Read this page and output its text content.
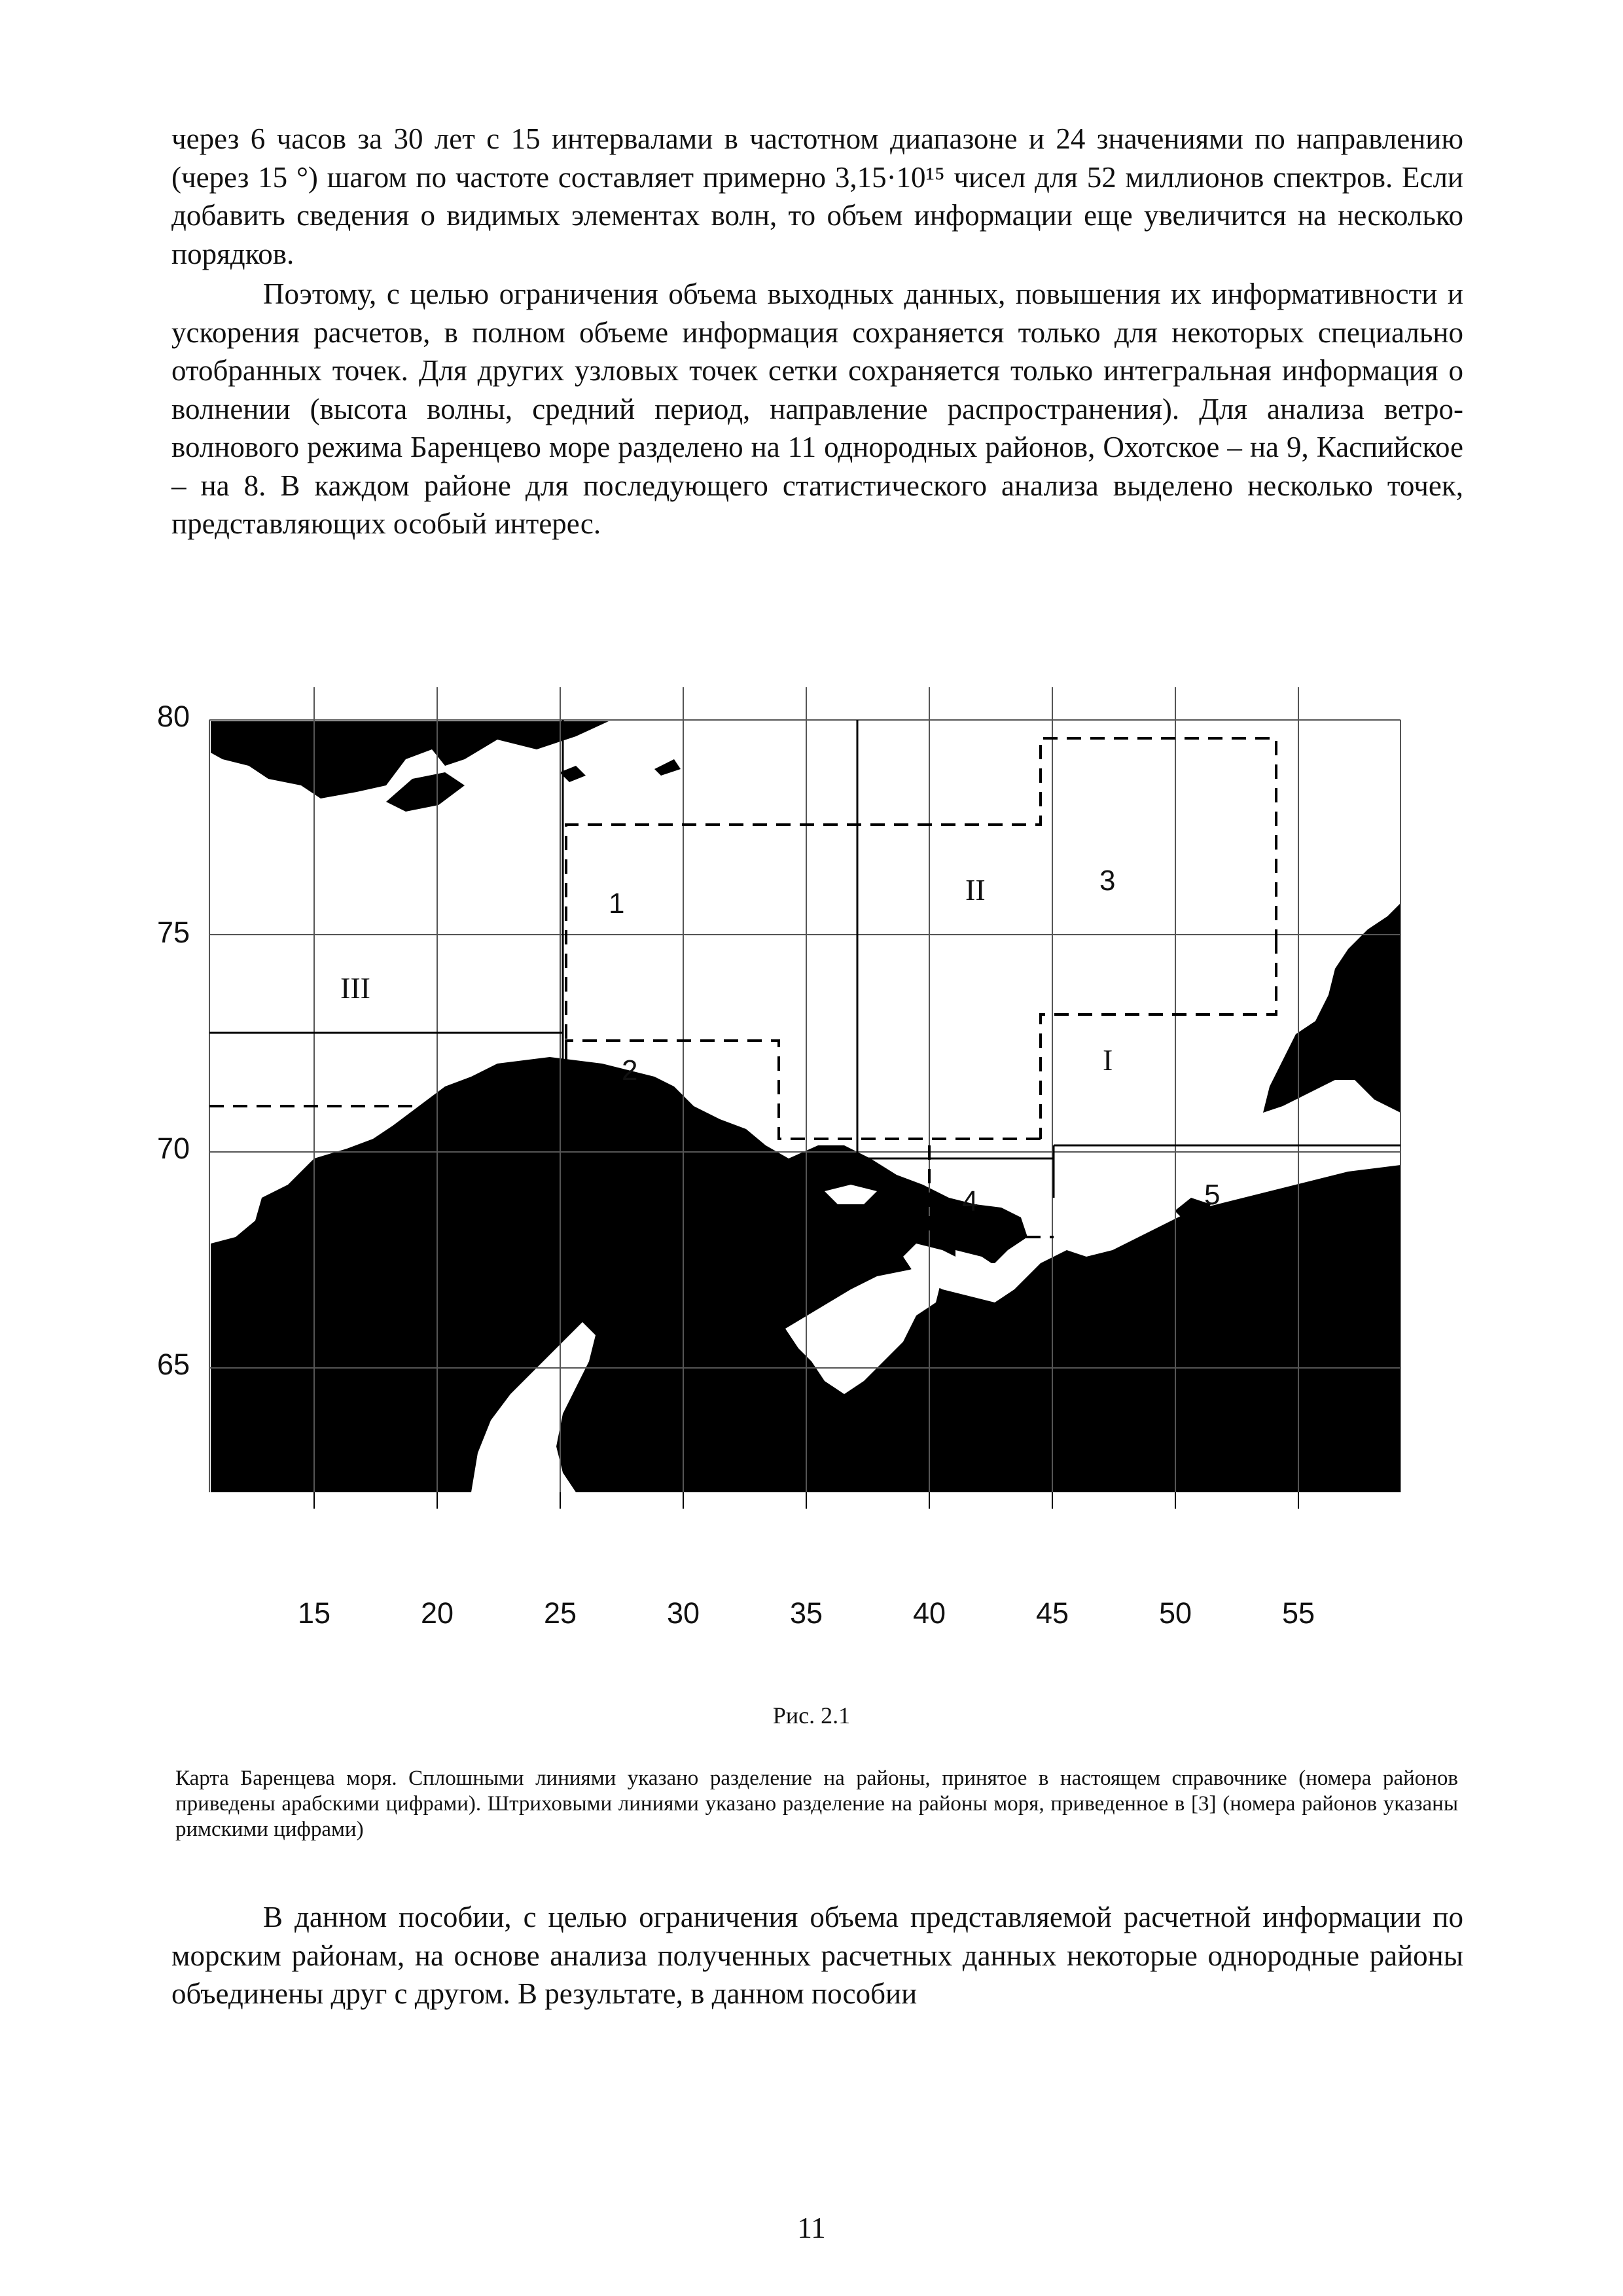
через 6 часов за 30 лет с 15 интервалами в частотном диапазоне и 24 значениями по направлению (через 15 °) шагом по частоте составляет примерно 3,15·10¹⁵ чисел для 52 миллионов спектров. Если добавить сведения о видимых элементах волн, то объем информации еще увеличится на несколько порядков.

Поэтому, с целью ограничения объема выходных данных, повышения их информативности и ускорения расчетов, в полном объеме информация сохраняется только для некоторых специально отобранных точек. Для других узловых точек сетки сохраняется только интегральная информация о волнении (высота волны, средний период, направление распространения). Для анализа ветро-волнового режима Баренцево море разделено на 11 однородных районов, Охотское – на 9, Каспийское – на 8. В каждом районе для последующего статистического анализа выделено несколько точек, представляющих особый интерес.

80
75
70
65
15	20	25	30	35	40	45	50	55
1
2
3
4	5
I
II
III
Рис. 2.1

Карта Баренцева моря. Сплошными линиями указано разделение на районы, принятое в настоящем справочнике (номера районов приведены арабскими цифрами). Штриховыми линиями указано разделение на районы моря, приведенное в [3] (номера районов указаны римскими цифрами)

В данном пособии, с целью ограничения объема представляемой расчетной информации по морским районам, на основе анализа полученных расчетных данных некоторые однородные районы объединены друг с другом. В результате, в данном пособии

11
